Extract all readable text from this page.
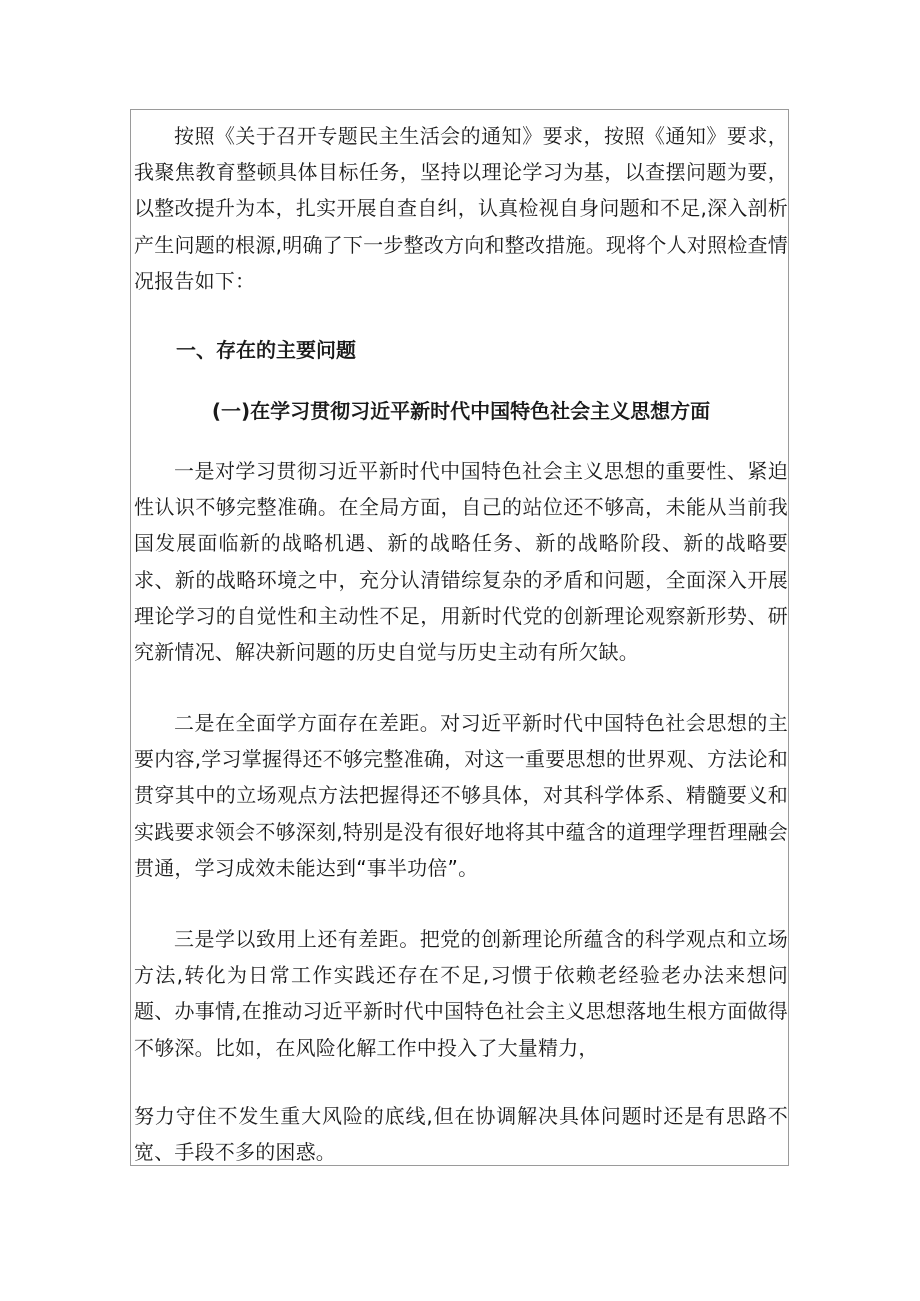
按照《关于召开专题民主生活会的通知》要求，按照《通知》要求，我聚焦教育整顿具体目标任务，坚持以理论学习为基，以查摆问题为要，以整改提升为本，扎实开展自查自纠，认真检视自身问题和不足,深入剖析产生问题的根源,明确了下一步整改方向和整改措施。现将个人对照检查情况报告如下：

一、存在的主要问题
(一)在学习贯彻习近平新时代中国特色社会主义思想方面

一是对学习贯彻习近平新时代中国特色社会主义思想的重要性、紧迫性认识不够完整准确。在全局方面，自己的站位还不够高，未能从当前我国发展面临新的战略机遇、新的战略任务、新的战略阶段、新的战略要求、新的战略环境之中，充分认清错综复杂的矛盾和问题，全面深入开展理论学习的自觉性和主动性不足，用新时代党的创新理论观察新形势、研究新情况、解决新问题的历史自觉与历史主动有所欠缺。

二是在全面学方面存在差距。对习近平新时代中国特色社会思想的主要内容,学习掌握得还不够完整准确，对这一重要思想的世界观、方法论和贯穿其中的立场观点方法把握得还不够具体，对其科学体系、精髓要义和实践要求领会不够深刻,特别是没有很好地将其中蕴含的道理学理哲理融会贯通，学习成效未能达到“事半功倍”。

三是学以致用上还有差距。把党的创新理论所蕴含的科学观点和立场方法,转化为日常工作实践还存在不足,习惯于依赖老经验老办法来想问题、办事情,在推动习近平新时代中国特色社会主义思想落地生根方面做得不够深。比如，在风险化解工作中投入了大量精力，

努力守住不发生重大风险的底线,但在协调解决具体问题时还是有思路不宽、手段不多的困惑。
